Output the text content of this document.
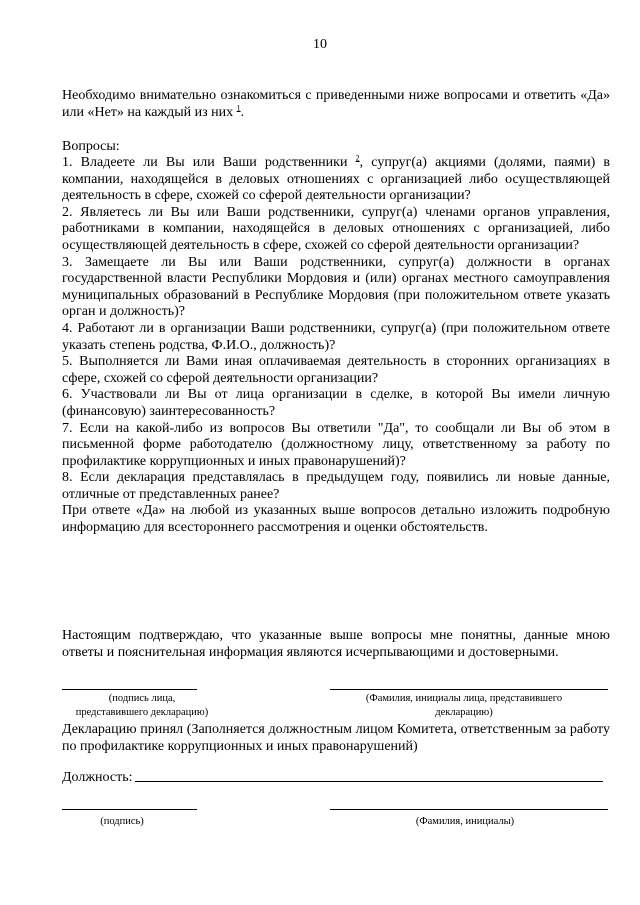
10
Необходимо внимательно ознакомиться с приведенными ниже вопросами и ответить «Да» или «Нет» на каждый из них $^1$.
Вопросы:

1. Владеете ли Вы или Ваши родственники $^2$, супруг(а) акциями (долями, паями) в компании, находящейся в деловых отношениях с организацией либо осуществляющей деятельность в сфере, схожей со сферой деятельности организации?

2. Являетесь ли Вы или Ваши родственники, супруг(а) членами органов управления, работниками в компании, находящейся в деловых отношениях с организацией, либо осуществляющей деятельность в сфере, схожей со сферой деятельности организации?

3. Замещаете ли Вы или Ваши родственники, супруг(а) должности в органах государственной власти Республики Мордовия и (или) органах местного самоуправления муниципальных образований в Республике Мордовия (при положительном ответе указать орган и должность)?

4. Работают ли в организации Ваши родственники, супруг(а) (при положительном ответе указать степень родства, Ф.И.О., должность)?

5. Выполняется ли Вами иная оплачиваемая деятельность в сторонних организациях в сфере, схожей со сферой деятельности организации?

6. Участвовали ли Вы от лица организации в сделке, в которой Вы имели личную (финансовую) заинтересованность?

7. Если на какой-либо из вопросов Вы ответили "Да", то сообщали ли Вы об этом в письменной форме работодателю (должностному лицу, ответственному за работу по профилактике коррупционных и иных правонарушений)?

8. Если декларация представлялась в предыдущем году, появились ли новые данные, отличные от представленных ранее?

При ответе «Да» на любой из указанных выше вопросов детально изложить подробную информацию для всестороннего рассмотрения и оценки обстоятельств.

Настоящим подтверждаю, что указанные выше вопросы мне понятны, данные мною ответы и пояснительная информация являются исчерпывающими и достоверными.
(подпись лица,
представившего декларацию)
(Фамилия, инициалы лица, представившего
декларацию)
Декларацию принял (Заполняется должностным лицом Комитета, ответственным за работу по профилактике коррупционных и иных правонарушений)
Должность:
(подпись)	(Фамилия, инициалы)
